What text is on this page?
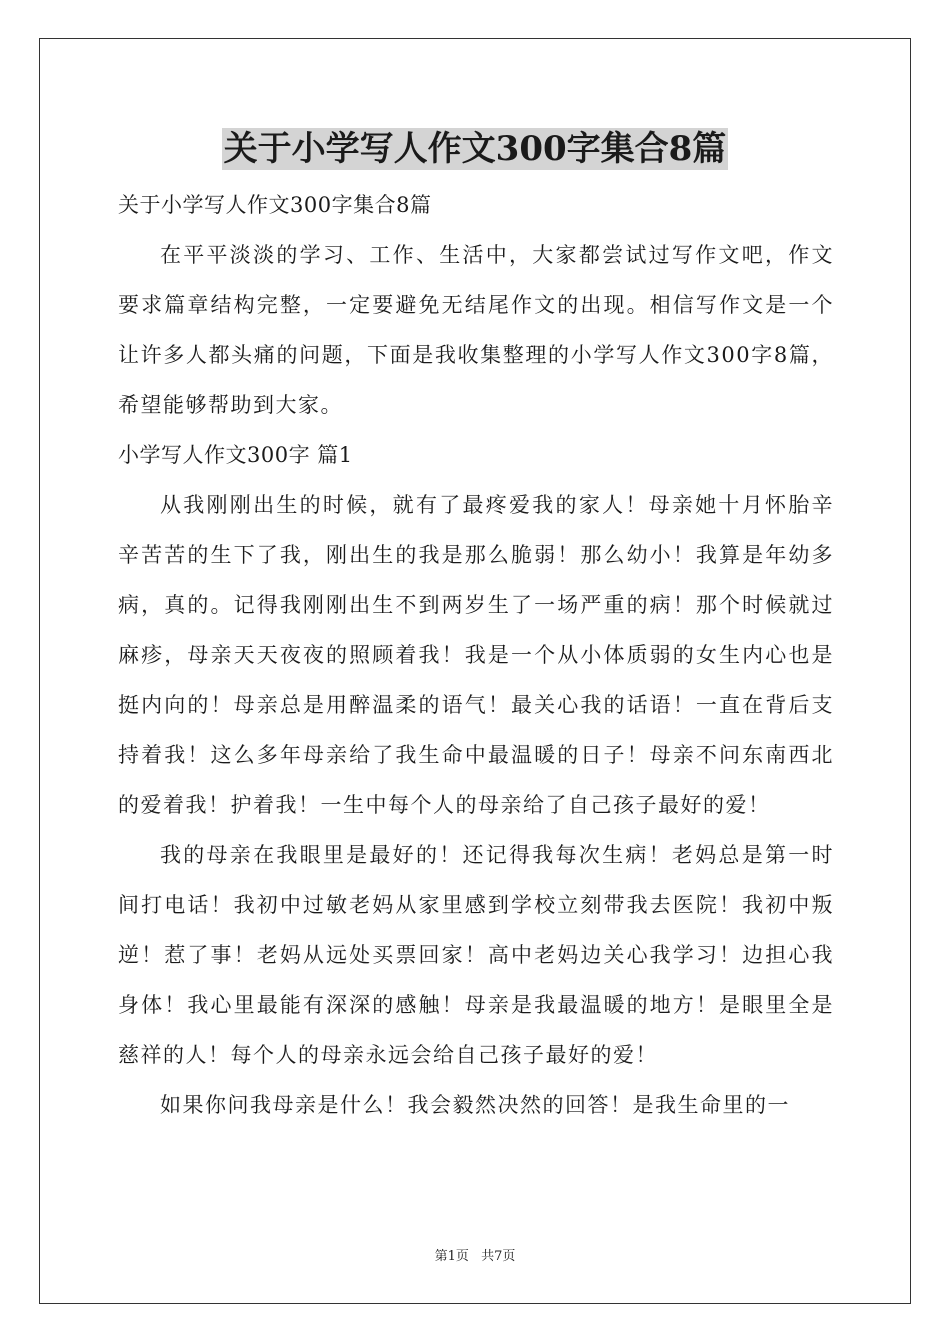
关于小学写人作文300字集合8篇

关于小学写人作文300字集合8篇

在平平淡淡的学习、工作、生活中，大家都尝试过写作文吧，作文要求篇章结构完整，一定要避免无结尾作文的出现。相信写作文是一个让许多人都头痛的问题，下面是我收集整理的小学写人作文300字8篇，希望能够帮助到大家。

小学写人作文300字 篇1

从我刚刚出生的时候，就有了最疼爱我的家人！母亲她十月怀胎辛辛苦苦的生下了我，刚出生的我是那么脆弱！那么幼小！我算是年幼多病，真的。记得我刚刚出生不到两岁生了一场严重的病！那个时候就过麻疹，母亲天天夜夜的照顾着我！我是一个从小体质弱的女生内心也是挺内向的！母亲总是用醉温柔的语气！最关心我的话语！一直在背后支持着我！这么多年母亲给了我生命中最温暖的日子！母亲不问东南西北的爱着我！护着我！一生中每个人的母亲给了自己孩子最好的爱！

我的母亲在我眼里是最好的！还记得我每次生病！老妈总是第一时间打电话！我初中过敏老妈从家里感到学校立刻带我去医院！我初中叛逆！惹了事！老妈从远处买票回家！高中老妈边关心我学习！边担心我身体！我心里最能有深深的感触！母亲是我最温暖的地方！是眼里全是慈祥的人！每个人的母亲永远会给自己孩子最好的爱！

如果你问我母亲是什么！我会毅然决然的回答！是我生命里的一

第1页 共7页
